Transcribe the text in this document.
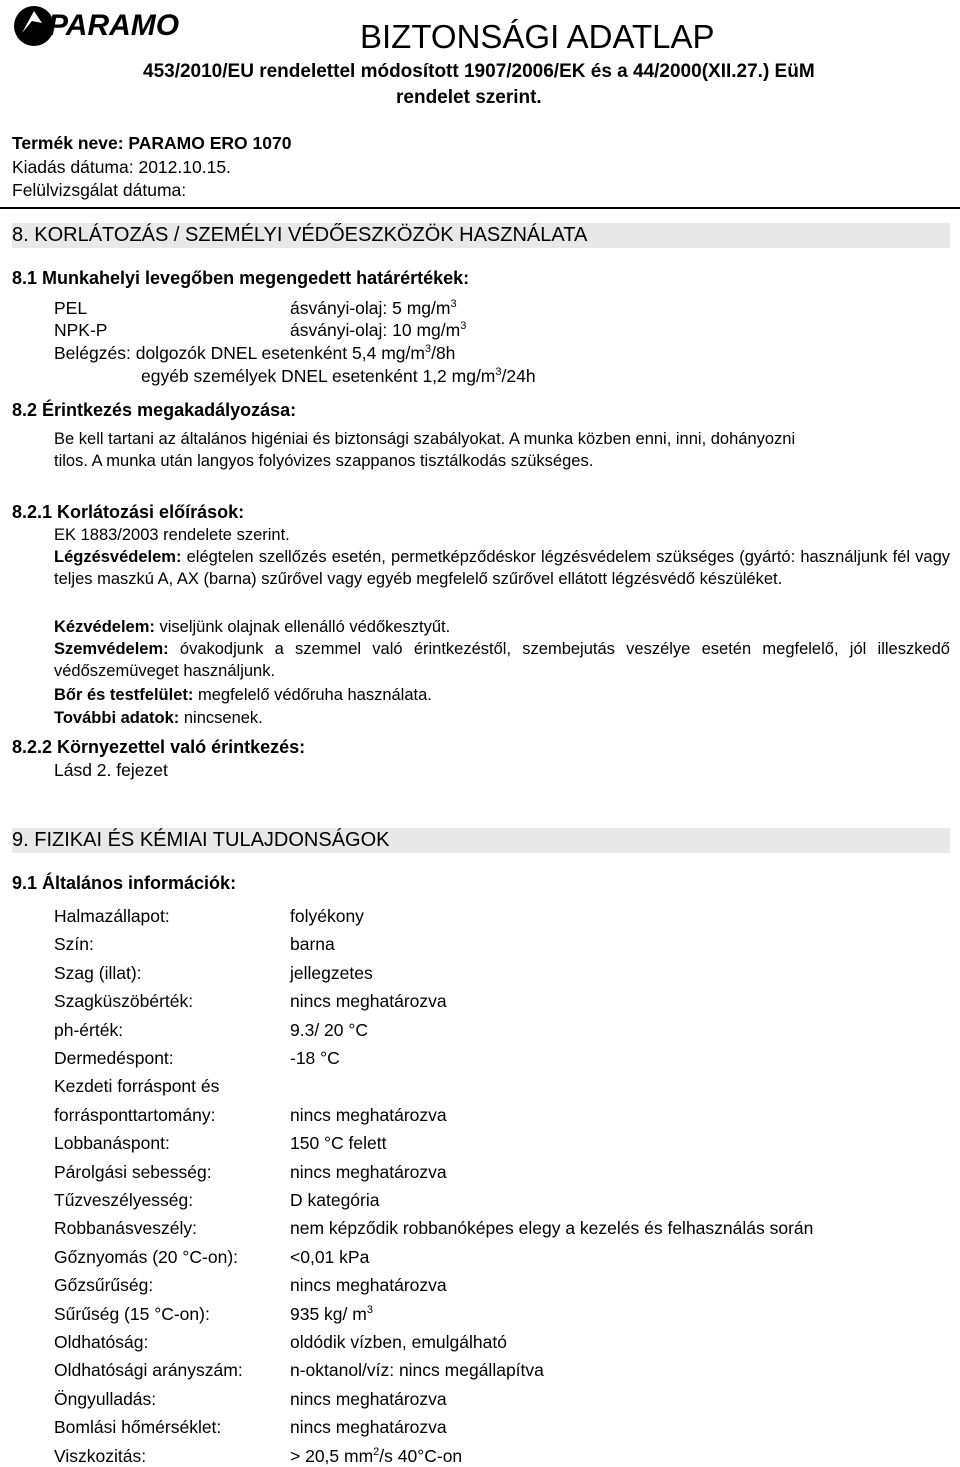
PARAMO	BIZTONSÁGI ADATLAP
453/2010/EU rendelettel módosított 1907/2006/EK és a 44/2000(XII.27.) EüM
rendelet szerint.
Termék neve: PARAMO ERO 1070
Kiadás dátuma: 2012.10.15.
Felülvizsgálat dátuma:
8. KORLÁTOZÁS / SZEMÉLYI VÉDŐESZKÖZÖK HASZNÁLATA
8.1 Munkahelyi levegőben megengedett határértékek:
PEL	ásványi-olaj: 5 $mg/m^3$
NPK-P	ásványi-olaj: 10 $mg/m^3$
Belégzés: dolgozók DNEL esetenként 5,4 $mg/m^3/8h$
egyéb személyek DNEL esetenként 1,2 $mg/m^3/24h$
8.2 Érintkezés megakadályozása:
Be kell tartani az általános higéniai és biztonsági szabályokat. A munka közben enni, inni, dohányozni
tilos. A munka után langyos folyóvizes szappanos tisztálkodás szükséges.
8.2.1 Korlátozási előírások:
EK 1883/2003 rendelete szerint.
Légzésvédelem: elégtelen szellőzés esetén, permetképződéskor légzésvédelem szükséges (gyártó: használjunk fél vagy teljes maszkú A, AX (barna) szűrővel vagy egyéb megfelelő szűrővel ellátott légzésvédő készüléket.
Kézvédelem: viseljünk olajnak ellenálló védőkesztyűt.
Szemvédelem: óvakodjunk a szemmel való érintkezéstől, szembejutás veszélye esetén megfelelő, jól illeszkedő védőszemüveget használjunk.
Bőr és testfelület: megfelelő védőruha használata.
További adatok: nincsenek.
8.2.2 Környezettel való érintkezés:
Lásd 2. fejezet
9. FIZIKAI ÉS KÉMIAI TULAJDONSÁGOK
9.1 Általános információk:
Halmazállapot:	folyékony
Szín:	barna
Szag (illat):	jellegzetes
Szagküszöbérték:	nincs meghatározva
ph-érték:	9.3/ 20 °C
Dermedéspont:	-18 °C
Kezdeti forráspont és
forrásponttartomány:	nincs meghatározva
Lobbanáspont:	150 °C felett
Párolgási sebesség:	nincs meghatározva
Tűzveszélyesség:	D kategória
Robbanásveszély:	nem képződik robbanóképes elegy a kezelés és felhasználás során
Gőznyomás (20 °C-on):	<0,01 kPa
Gőzsűrűség:	nincs meghatározva
Sűrűség (15 °C-on):	935 kg/ $m^3$
Oldhatóság:	oldódik vízben, emulgálható
Oldhatósági arányszám:	n-oktanol/víz: nincs megállapítva
Öngyulladás:	nincs meghatározva
Bomlási hőmérséklet:	nincs meghatározva
Viszkozitás:	> 20,5 $mm^2/s$ 40°C-on
